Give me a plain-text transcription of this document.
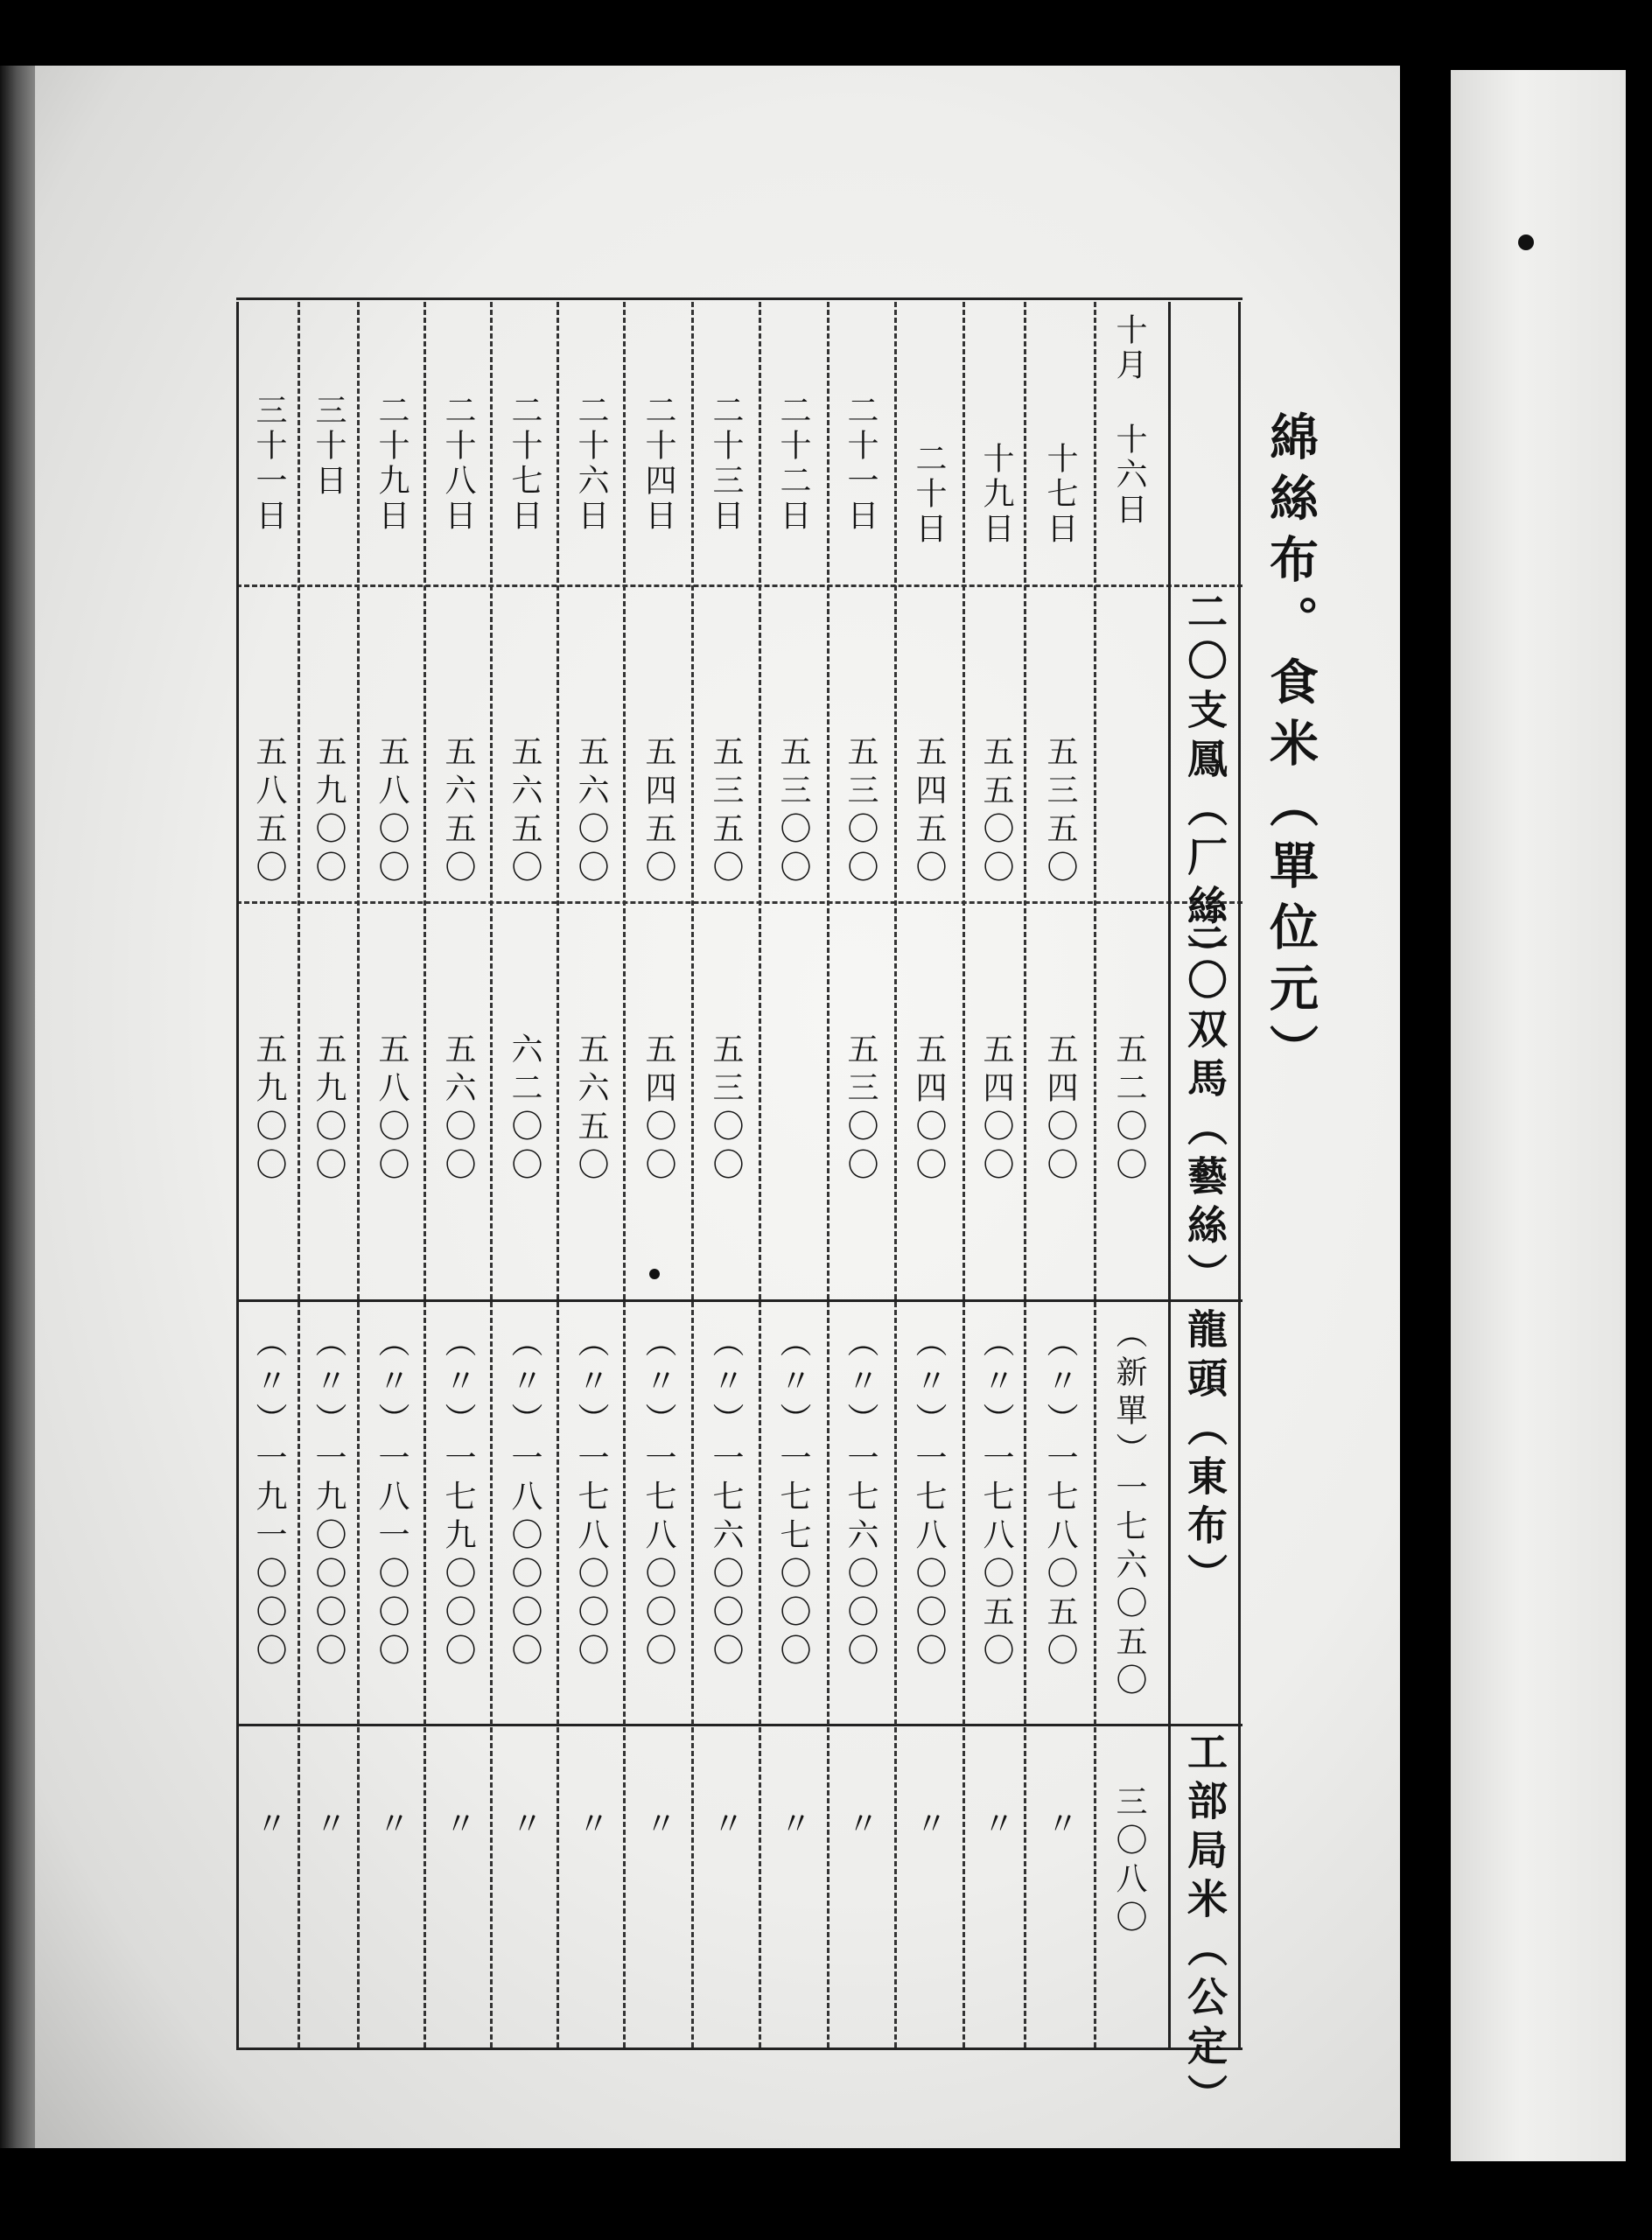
綿絲布。食米（單位元）
二〇支鳳（厂絲）
三〇双馬（藝絲）
龍頭（東布）
工部局米（公定）
十月 十六日
五二〇〇
（新單）一七六〇五〇
三〇八〇
十七日
五三五〇
五四〇〇
（〃）一七八〇五〇
〃
十九日
五五〇〇
五四〇〇
（〃）一七八〇五〇
〃
二十日
五四五〇
五四〇〇
（〃）一七八〇〇〇
〃
二十一日
五三〇〇
五三〇〇
（〃）一七六〇〇〇
〃
二十二日
五三〇〇
（〃）一七七〇〇〇
〃
二十三日
五三五〇
五三〇〇
（〃）一七六〇〇〇
〃
二十四日
五四五〇
五四〇〇
（〃）一七八〇〇〇
〃
二十六日
五六〇〇
五六五〇
（〃）一七八〇〇〇
〃
二十七日
五六五〇
六二〇〇
（〃）一八〇〇〇〇
〃
二十八日
五六五〇
五六〇〇
（〃）一七九〇〇〇
〃
二十九日
五八〇〇
五八〇〇
（〃）一八一〇〇〇
〃
三十日
五九〇〇
五九〇〇
（〃）一九〇〇〇〇
〃
三十一日
五八五〇
五九〇〇
（〃）一九一〇〇〇
〃
